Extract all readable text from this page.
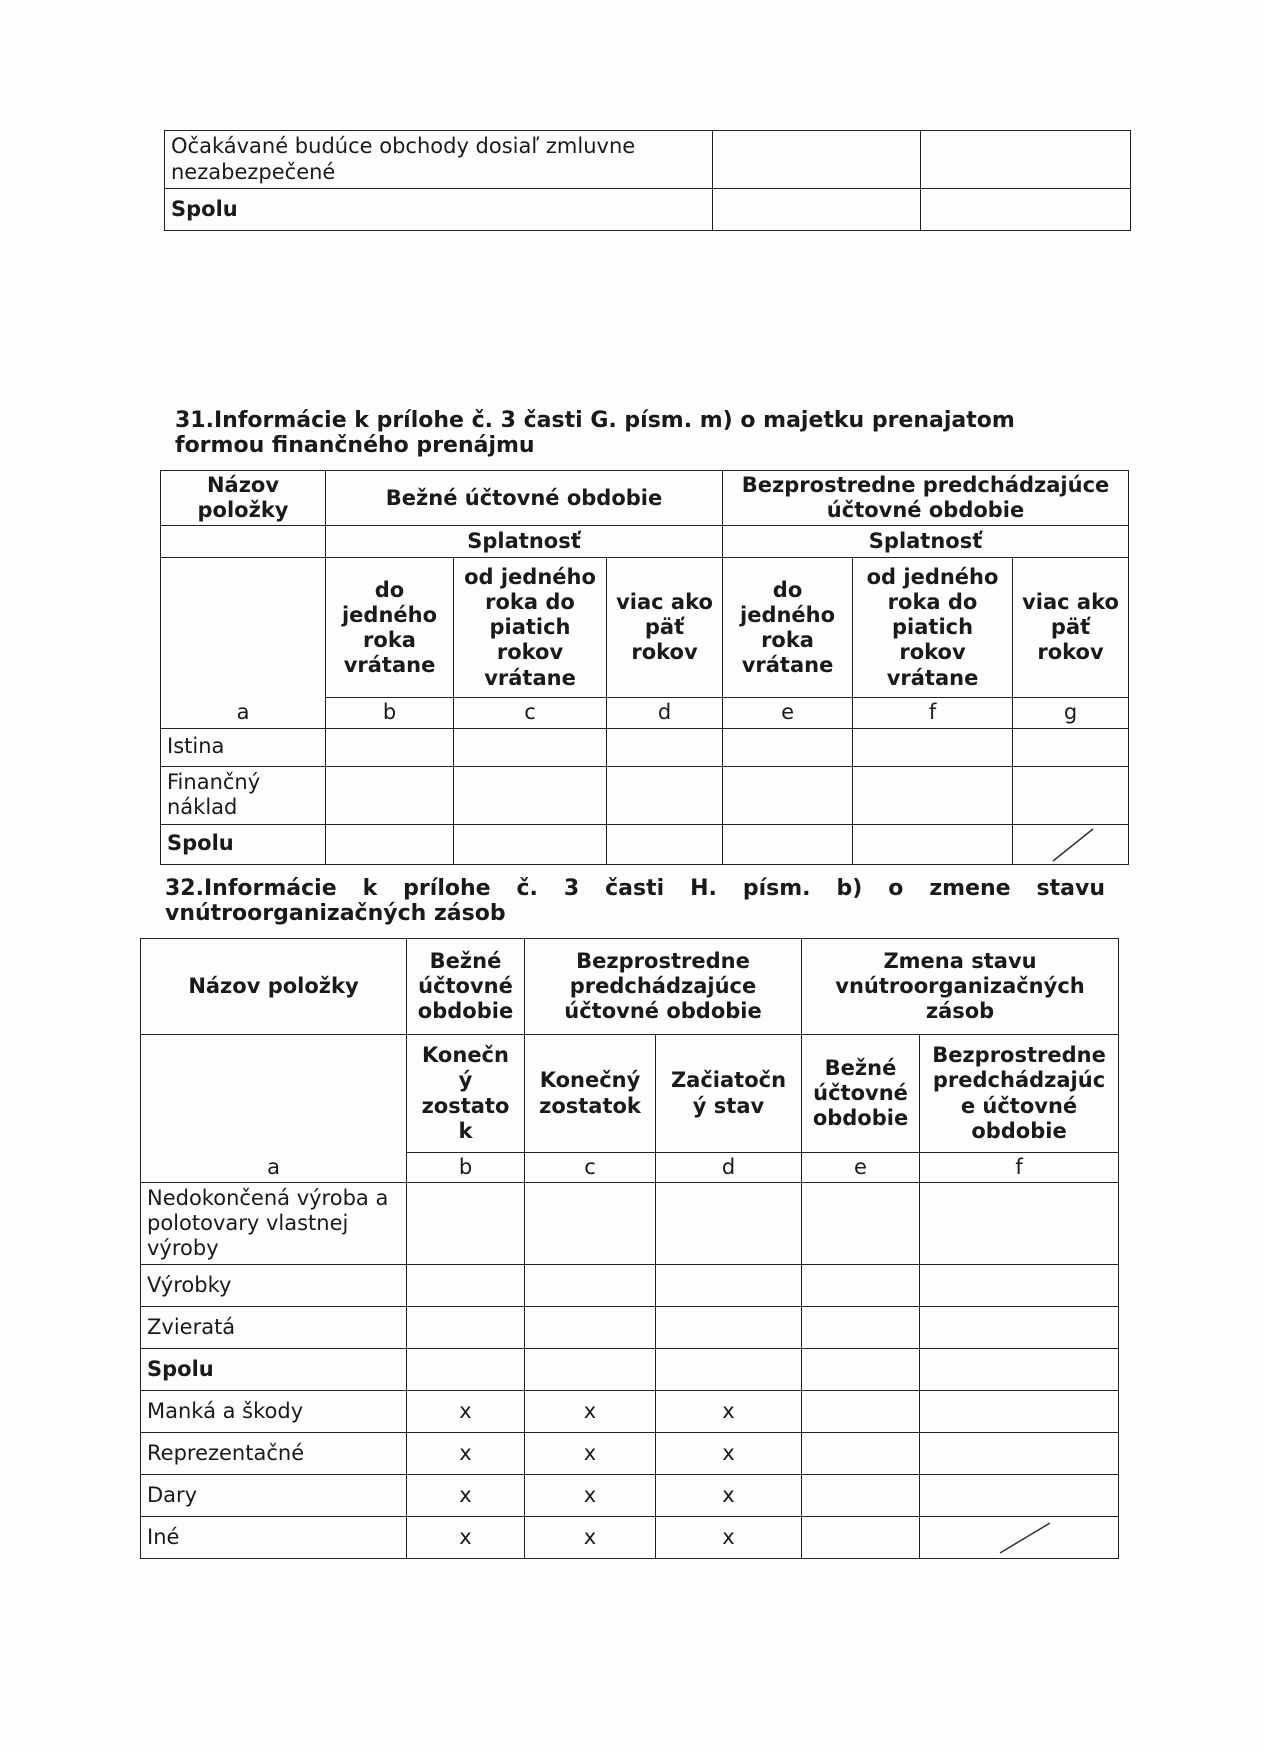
Očakávané budúce obchody dosiaľ zmluvne nezabezpečené		
Spolu		
31.Informácie k prílohe č. 3 časti G. písm. m) o majetku prenajatom formou finančného prenájmu
Názov položky	Bežné účtovné obdobie			Bezprostredne predchádzajúce účtovné obdobie		
	Splatnosť			Splatnosť		
a	do jedného roka vrátane	od jedného roka do piatich rokov vrátane	viac ako päť rokov	do jedného roka vrátane	od jedného roka do piatich rokov vrátane	viac ako päť rokov
	b	c	d	e	f	g
Istina						
Finančný náklad						
Spolu						
32.Informácie k prílohe č. 3 časti H. písm. b) o zmene stavu vnútroorganizačných zásob
Názov položky	Bežné účtovné obdobie	Bezprostredne predchádzajúce účtovné obdobie		Zmena stavu vnútroorganizačných zásob	
a	Konečn ý zostato k	Konečný zostatok	Začiatočn ý stav	Bežné účtovné obdobie	Bezprostredne predchádzajúc e účtovné obdobie
	b	c	d	e	f
Nedokončená výroba a polotovary vlastnej výroby					
Výrobky					
Zvieratá					
Spolu					
Manká a škody	x	x	x		
Reprezentačné	x	x	x		
Dary	x	x	x		
Iné	x	x	x		
